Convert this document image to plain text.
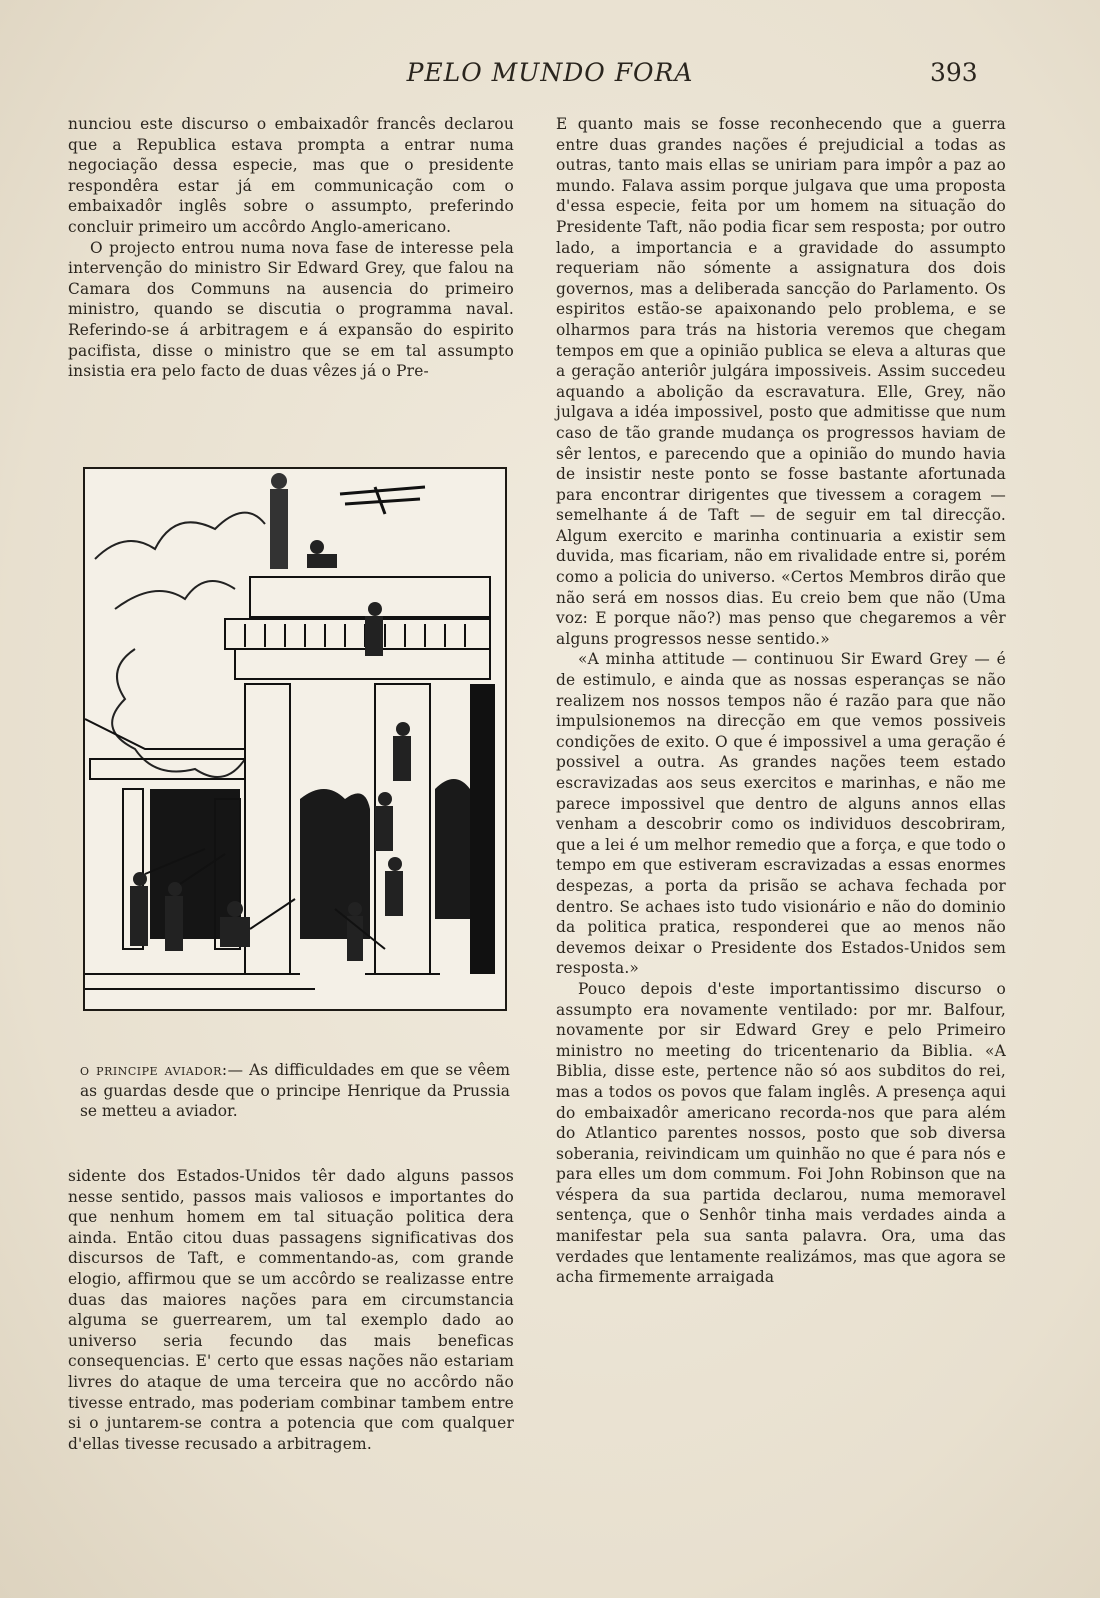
PELO MUNDO FORA	393

nunciou este discurso o embaixadôr francês declarou que a Republica estava prompta a entrar numa negociação dessa especie, mas que o presidente respondêra estar já em communicação com o embaixadôr inglês sobre o assumpto, preferindo concluir primeiro um accôrdo Anglo-americano.

O projecto entrou numa nova fase de interesse pela intervenção do ministro Sir Edward Grey, que falou na Camara dos Communs na ausencia do primeiro ministro, quando se discutia o programma naval. Referindo-se á arbitragem e á expansão do espirito pacifista, disse o ministro que se em tal assumpto insistia era pelo facto de duas vêzes já o Pre-

o principe aviador:— As difficuldades em que se vêem as guardas desde que o principe Henrique da Prussia se metteu a aviador.

sidente dos Estados-Unidos têr dado alguns passos nesse sentido, passos mais valiosos e importantes do que nenhum homem em tal situação politica dera ainda. Então citou duas passagens significativas dos discursos de Taft, e commentando-as, com grande elogio, affirmou que se um accôrdo se realizasse entre duas das maiores nações para em circumstancia alguma se guerrearem, um tal exemplo dado ao universo seria fecundo das mais beneficas consequencias. E' certo que essas nações não estariam livres do ataque de uma terceira que no accôrdo não tivesse entrado, mas poderiam combinar tambem entre si o juntarem-se contra a potencia que com qualquer d'ellas tivesse recusado a arbitragem.

E quanto mais se fosse reconhecendo que a guerra entre duas grandes nações é prejudicial a todas as outras, tanto mais ellas se uniriam para impôr a paz ao mundo. Falava assim porque julgava que uma proposta d'essa especie, feita por um homem na situação do Presidente Taft, não podia ficar sem resposta; por outro lado, a importancia e a gravidade do assumpto requeriam não sómente a assignatura dos dois governos, mas a deliberada sancção do Parlamento. Os espiritos estão-se apaixonando pelo problema, e se olharmos para trás na historia veremos que chegam tempos em que a opinião publica se eleva a alturas que a geração anteriôr julgára impossiveis. Assim succedeu aquando a abolição da escravatura. Elle, Grey, não julgava a idéa impossivel, posto que admitisse que num caso de tão grande mudança os progressos haviam de sêr lentos, e parecendo que a opinião do mundo havia de insistir neste ponto se fosse bastante afortunada para encontrar dirigentes que tivessem a coragem — semelhante á de Taft — de seguir em tal direcção. Algum exercito e marinha continuaria a existir sem duvida, mas ficariam, não em rivalidade entre si, porém como a policia do universo. «Certos Membros dirão que não será em nossos dias. Eu creio bem que não (Uma voz: E porque não?) mas penso que chegaremos a vêr alguns progressos nesse sentido.»

«A minha attitude — continuou Sir Eward Grey — é de estimulo, e ainda que as nossas esperanças se não realizem nos nossos tempos não é razão para que não impulsionemos na direcção em que vemos possiveis condições de exito. O que é impossivel a uma geração é possivel a outra. As grandes nações teem estado escravizadas aos seus exercitos e marinhas, e não me parece impossivel que dentro de alguns annos ellas venham a descobrir como os individuos descobriram, que a lei é um melhor remedio que a força, e que todo o tempo em que estiveram escravizadas a essas enormes despezas, a porta da prisão se achava fechada por dentro. Se achaes isto tudo visionário e não do dominio da politica pratica, responderei que ao menos não devemos deixar o Presidente dos Estados-Unidos sem resposta.»

Pouco depois d'este importantissimo discurso o assumpto era novamente ventilado: por mr. Balfour, novamente por sir Edward Grey e pelo Primeiro ministro no meeting do tricentenario da Biblia. «A Biblia, disse este, pertence não só aos subditos do rei, mas a todos os povos que falam inglês. A presença aqui do embaixadôr americano recorda-nos que para além do Atlantico parentes nossos, posto que sob diversa soberania, reivindicam um quinhão no que é para nós e para elles um dom commum. Foi John Robinson que na véspera da sua partida declarou, numa memoravel sentença, que o Senhôr tinha mais verdades ainda a manifestar pela sua santa palavra. Ora, uma das verdades que lentamente realizámos, mas que agora se acha firmemente arraigada
